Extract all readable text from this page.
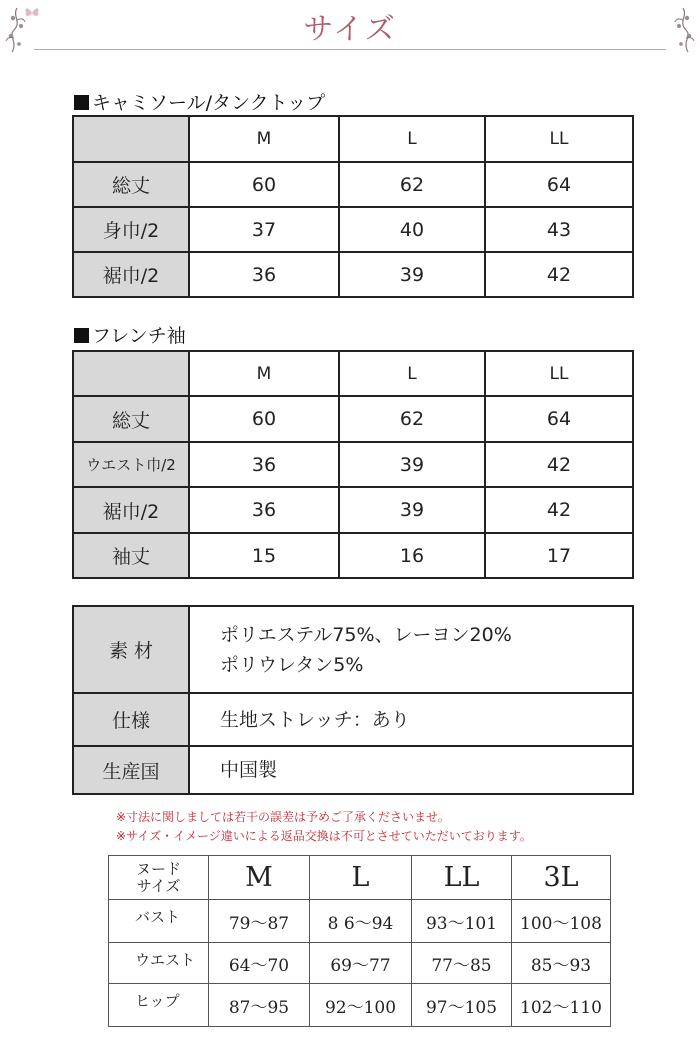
サイズ
キャミソール/タンクトップ
	M	L	LL
総丈	60	62	64
身巾/2	37	40	43
裾巾/2	36	39	42
フレンチ袖
	M	L	LL
総丈	60	62	64
ウエスト巾/2	36	39	42
裾巾/2	36	39	42
袖丈	15	16	17
素 材	ポリエステル75%、レーヨン20%
ポリウレタン5%

仕様	生地ストレッチ：あり
生産国	中国製
※寸法に関しましては若干の誤差は予めご了承くださいませ。
※サイズ・イメージ違いによる返品交換は不可とさせていただいております。
ヌード
サイズ	M	L	LL	3L
バスト	79〜87	8 6〜94	93〜101	100〜108
ウエスト	64〜70	69〜77	77〜85	85〜93
ヒップ	87〜95	92〜100	97〜105	102〜110
